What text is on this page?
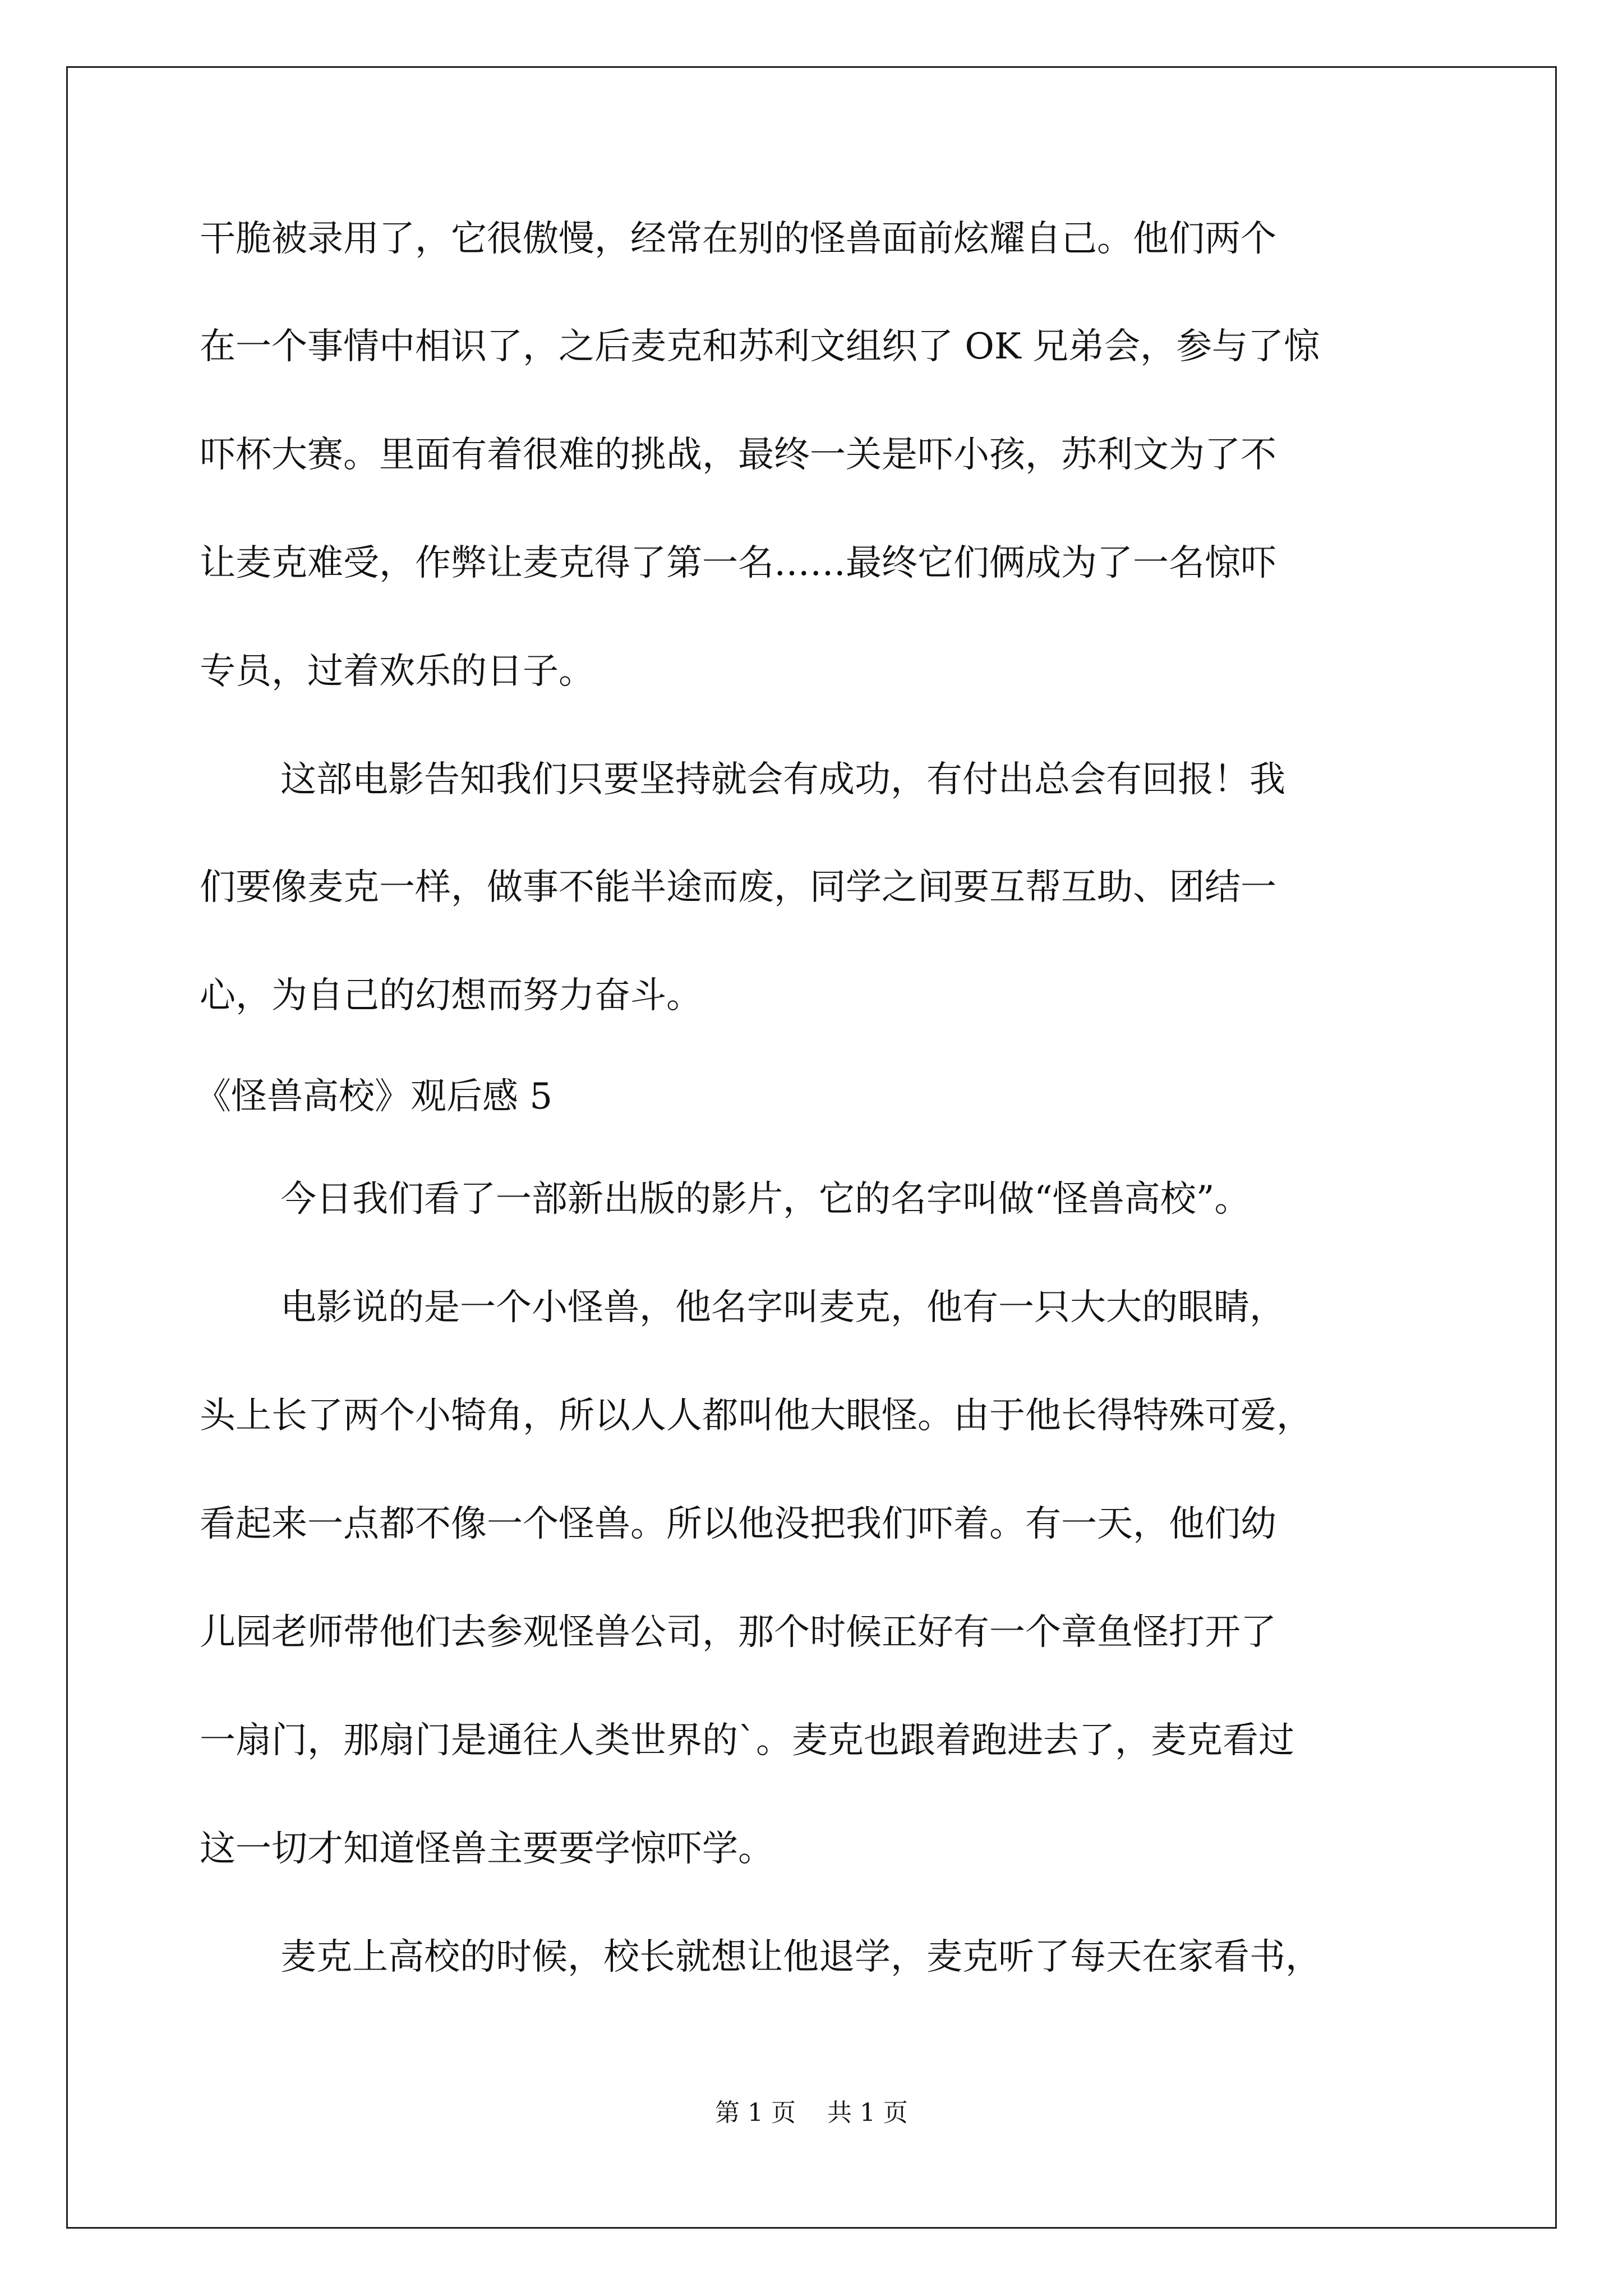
干脆被录用了，它很傲慢，经常在别的怪兽面前炫耀自己。他们两个
在一个事情中相识了，之后麦克和苏利文组织了 OK 兄弟会，参与了惊
吓杯大赛。里面有着很难的挑战，最终一关是吓小孩，苏利文为了不
让麦克难受，作弊让麦克得了第一名……最终它们俩成为了一名惊吓
专员，过着欢乐的日子。
这部电影告知我们只要坚持就会有成功，有付出总会有回报！我
们要像麦克一样，做事不能半途而废，同学之间要互帮互助、团结一
心，为自己的幻想而努力奋斗。
《怪兽高校》观后感 5
今日我们看了一部新出版的影片，它的名字叫做“怪兽高校”。
电影说的是一个小怪兽，他名字叫麦克，他有一只大大的眼睛，
头上长了两个小犄角，所以人人都叫他大眼怪。由于他长得特殊可爱，
看起来一点都不像一个怪兽。所以他没把我们吓着。有一天，他们幼
儿园老师带他们去参观怪兽公司，那个时候正好有一个章鱼怪打开了
一扇门，那扇门是通往人类世界的`。麦克也跟着跑进去了，麦克看过
这一切才知道怪兽主要要学惊吓学。
麦克上高校的时候，校长就想让他退学，麦克听了每天在家看书，
第 1 页    共 1 页
